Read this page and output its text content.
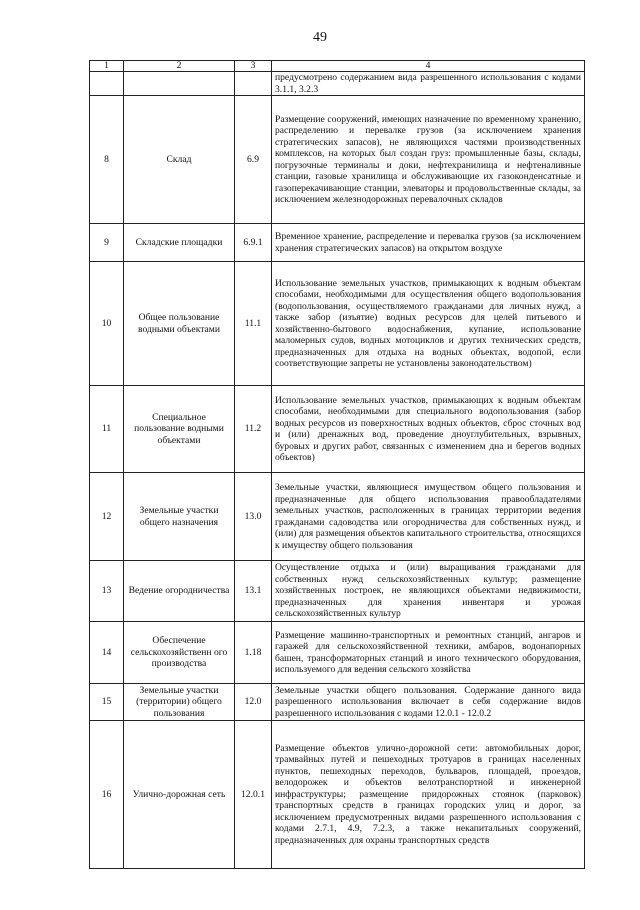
49
1	2	3	4
			предусмотрено содержанием вида разрешенного использования с кодами 3.1.1, 3.2.3
8	Склад	6.9	Размещение сооружений, имеющих назначение по временному хранению, распределению и перевалке грузов (за исключением хранения стратегических запасов), не являющихся частями производственных комплексов, на которых был создан груз: промышленные базы, склады, погрузочные терминалы и доки, нефтехранилища и нефтеналивные станции, газовые хранилища и обслуживающие их газоконденсатные и газоперекачивающие станции, элеваторы и продовольственные склады, за исключением железнодорожных перевалочных складов
9	Складские площадки	6.9.1	Временное хранение, распределение и перевалка грузов (за исключением хранения стратегических запасов) на открытом воздухе
10	Общее пользование водными объектами	11.1	Использование земельных участков, примыкающих к водным объектам способами, необходимыми для осуществления общего водопользования (водопользования, осуществляемого гражданами для личных нужд, а также забор (изъятие) водных ресурсов для целей питьевого и хозяйственно-бытового водоснабжения, купание, использование маломерных судов, водных мотоциклов и других технических средств, предназначенных для отдыха на водных объектах, водопой, если соответствующие запреты не установлены законодательством)
11	Специальное пользование водными объектами	11.2	Использование земельных участков, примыкающих к водным объектам способами, необходимыми для специального водопользования (забор водных ресурсов из поверхностных водных объектов, сброс сточных вод и (или) дренажных вод, проведение дноуглубительных, взрывных, буровых и других работ, связанных с изменением дна и берегов водных объектов)
12	Земельные участки общего назначения	13.0	Земельные участки, являющиеся имуществом общего пользования и предназначенные для общего использования правообладателями земельных участков, расположенных в границах территории ведения гражданами садоводства или огородничества для собственных нужд, и (или) для размещения объектов капитального строительства, относящихся к имуществу общего пользования
13	Ведение огородничества	13.1	Осуществление отдыха и (или) выращивания гражданами для собственных нужд сельскохозяйственных культур; размещение хозяйственных построек, не являющихся объектами недвижимости, предназначенных для хранения инвентаря и урожая сельскохозяйственных культур
14	Обеспечение сельскохозяйственн ого производства	1.18	Размещение машинно-транспортных и ремонтных станций, ангаров и гаражей для сельскохозяйственной техники, амбаров, водонапорных башен, трансформаторных станций и иного технического оборудования, используемого для ведения сельского хозяйства
15	Земельные участки (территории) общего пользования	12.0	Земельные участки общего пользования. Содержание данного вида разрешенного использования включает в себя содержание видов разрешенного использования с кодами 12.0.1 - 12.0.2
16	Улично-дорожная сеть	12.0.1	Размещение объектов улично-дорожной сети: автомобильных дорог, трамвайных путей и пешеходных тротуаров в границах населенных пунктов, пешеходных переходов, бульваров, площадей, проездов, велодорожек и объектов велотранспортной и инженерной инфраструктуры; размещение придорожных стоянок (парковок) транспортных средств в границах городских улиц и дорог, за исключением предусмотренных видами разрешенного использования с кодами 2.7.1, 4.9, 7.2.3, а также некапитальных сооружений, предназначенных для охраны транспортных средств
